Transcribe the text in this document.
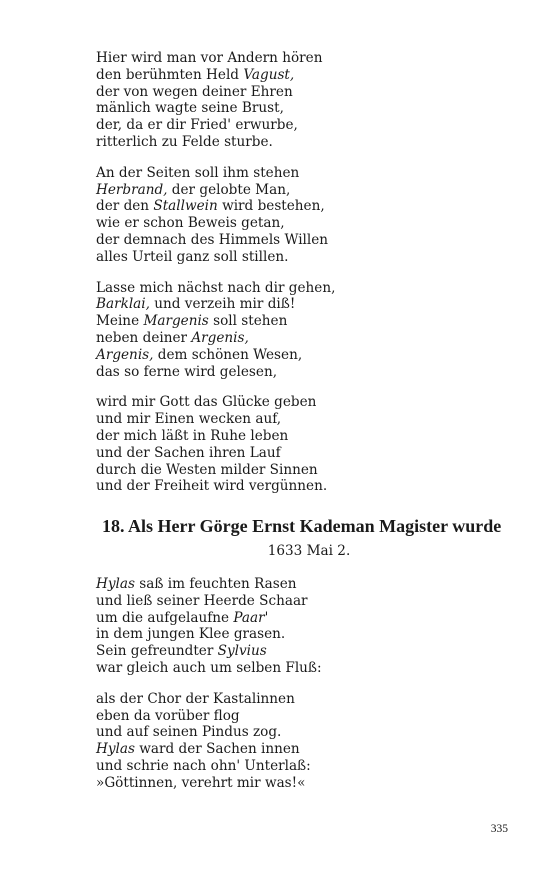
Hier wird man vor Andern hören
den berühmten Held Vagust,
der von wegen deiner Ehren
mänlich wagte seine Brust,
der, da er dir Fried' erwurbe,
ritterlich zu Felde sturbe.
An der Seiten soll ihm stehen
Herbrand, der gelobte Man,
der den Stallwein wird bestehen,
wie er schon Beweis getan,
der demnach des Himmels Willen
alles Urteil ganz soll stillen.
Lasse mich nächst nach dir gehen,
Barklai, und verzeih mir diß!
Meine Margenis soll stehen
neben deiner Argenis,
Argenis, dem schönen Wesen,
das so ferne wird gelesen,
wird mir Gott das Glücke geben
und mir Einen wecken auf,
der mich läßt in Ruhe leben
und der Sachen ihren Lauf
durch die Westen milder Sinnen
und der Freiheit wird vergünnen.
18. Als Herr Görge Ernst Kademan Magister wurde
1633 Mai 2.
Hylas saß im feuchten Rasen
und ließ seiner Heerde Schaar
um die aufgelaufne Paar'
in dem jungen Klee grasen.
Sein gefreundter Sylvius
war gleich auch um selben Fluß:
als der Chor der Kastalinnen
eben da vorüber flog
und auf seinen Pindus zog.
Hylas ward der Sachen innen
und schrie nach ohn' Unterlaß:
»Göttinnen, verehrt mir was!«
335
